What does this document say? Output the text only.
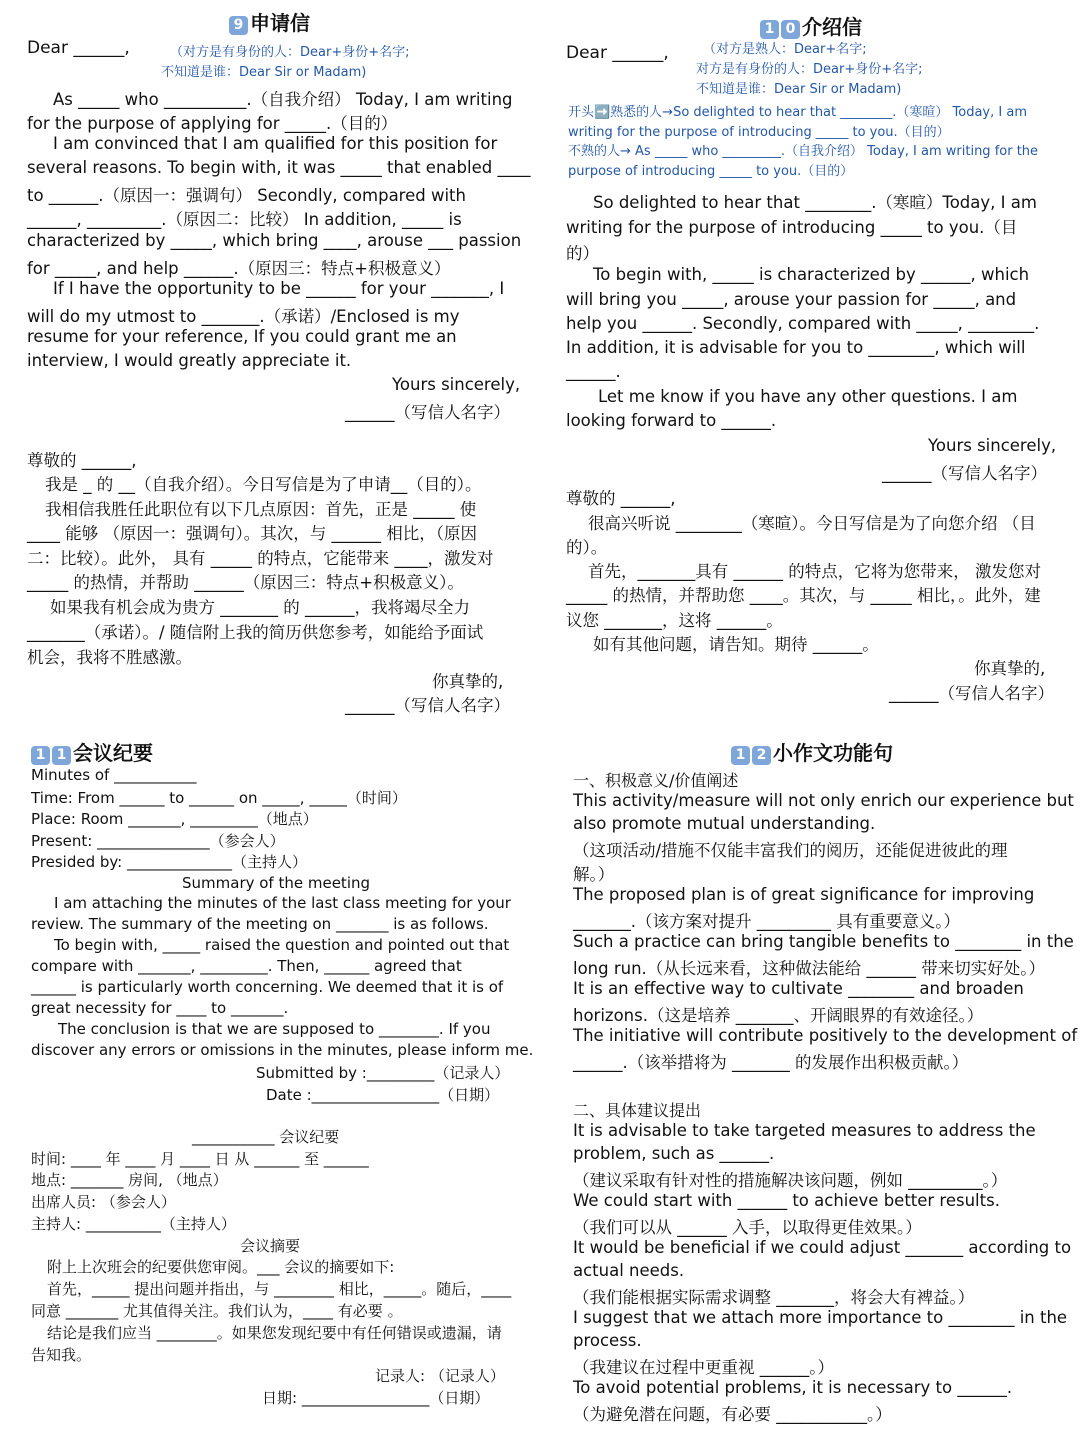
9 申请信
Dear ______,	（对方是有身份的人：Dear+身份+名字;
不知道是谁：Dear Sir or Madam)
As _____ who __________.（自我介绍） Today, I am writing
for the purpose of applying for _____.（目的）
I am convinced that I am qualified for this position for
several reasons. To begin with, it was _____ that enabled ____
to ______.（原因一：强调句） Secondly, compared with
______, _________.（原因二：比较） In addition, _____ is
characterized by _____, which bring ____, arouse ___ passion
for _____, and help ______.（原因三：特点+积极意义）
If I have the opportunity to be ______ for your _______, I
will do my utmost to _______.（承诺）/Enclosed is my
resume for your reference, If you could grant me an
interview, I would greatly appreciate it.
Yours sincerely,
______（写信人名字）
尊敬的 ______,
我是 _ 的 __（自我介绍）。今日写信是为了申请__（目的）。
我相信我胜任此职位有以下几点原因：首先，正是 _____ 使
____ 能够 （原因一：强调句）。其次，与 ______ 相比，（原因
二：比较）。此外， 具有 _____ 的特点，它能带来 ____，激发对
_____ 的热情，并帮助 ______（原因三：特点+积极意义）。
如果我有机会成为贵方 _______ 的 ______，我将竭尽全力
_______（承诺）。/ 随信附上我的简历供您参考，如能给予面试
机会，我将不胜感激。
你真挚的,
______（写信人名字）
1 0 介绍信
Dear ______,	（对方是熟人：Dear+名字;
对方是有身份的人：Dear+身份+名字;
不知道是谁：Dear Sir or Madam)
开头➡️熟悉的人→So delighted to hear that ________.（寒暄） Today, I am
writing for the purpose of introducing _____ to you.（目的）
不熟的人→ As _____ who _________.（自我介绍） Today, I am writing for the
purpose of introducing _____ to you.（目的）
So delighted to hear that ________.（寒暄）Today, I am
writing for the purpose of introducing _____ to you.（目
的）
To begin with, _____ is characterized by ______, which
will bring you _____, arouse your passion for _____, and
help you ______. Secondly, compared with _____, ________.
In addition, it is advisable for you to ________, which will
______.
Let me know if you have any other questions. I am
looking forward to ______.
Yours sincerely,
______（写信人名字）
尊敬的 ______,
很高兴听说 ________（寒暄）。今日写信是为了向您介绍 （目
的）。
首先，_______具有 ______ 的特点，它将为您带来， 激发您对
_____ 的热情，并帮助您 ____。其次，与 _____ 相比，。此外，建
议您 _______，这将 ______。
如有其他问题，请告知。期待 ______。
你真挚的,
______（写信人名字）
1 1 会议纪要
Minutes of ___________
Time: From ______ to ______ on _____, _____（时间）
Place: Room _______, _________（地点）
Present: _______________（参会人）
Presided by: ______________（主持人）
Summary of the meeting
I am attaching the minutes of the last class meeting for your
review. The summary of the meeting on _______ is as follows.
To begin with, _____ raised the question and pointed out that
compare with _______, _________. Then, ______ agreed that
______ is particularly worth concerning. We deemed that it is of
great necessity for ____ to _______.
The conclusion is that we are supposed to ________. If you
discover any errors or omissions in the minutes, please inform me.
Submitted by :_________（记录人）
Date :_________________（日期）
___________ 会议纪要
时间: ____ 年 ____ 月 ____ 日 从 ______ 至 ______
地点: _______ 房间, （地点）
出席人员: （参会人）
主持人: __________（主持人）
会议摘要
附上上次班会的纪要供您审阅。___ 会议的摘要如下:
首先，_____ 提出问题并指出，与 ________ 相比，_____。随后，____
同意 _______ 尤其值得关注。我们认为，____ 有必要 。
结论是我们应当 ________。如果您发现纪要中有任何错误或遗漏，请
告知我。
记录人: （记录人）
日期: _________________（日期）
1 2 小作文功能句
一、积极意义/价值阐述
This activity/measure will not only enrich our experience but
also promote mutual understanding.
（这项活动/措施不仅能丰富我们的阅历，还能促进彼此的理
解。）
The proposed plan is of great significance for improving
_______.（该方案对提升 _________ 具有重要意义。）
Such a practice can bring tangible benefits to ________ in the
long run.（从长远来看，这种做法能给 ______ 带来切实好处。）
It is an effective way to cultivate ________ and broaden
horizons.（这是培养 _______、开阔眼界的有效途径。）
The initiative will contribute positively to the development of
______.（该举措将为 _______ 的发展作出积极贡献。）
二、具体建议提出
It is advisable to take targeted measures to address the
problem, such as ______.
（建议采取有针对性的措施解决该问题，例如 _________。）
We could start with ______ to achieve better results.
（我们可以从 ______ 入手，以取得更佳效果。）
It would be beneficial if we could adjust _______ according to
actual needs.
（我们能根据实际需求调整 _______，将会大有裨益。）
I suggest that we attach more importance to ________ in the
process.
（我建议在过程中更重视 ______。）
To avoid potential problems, it is necessary to ______.
（为避免潜在问题，有必要 ___________。）
